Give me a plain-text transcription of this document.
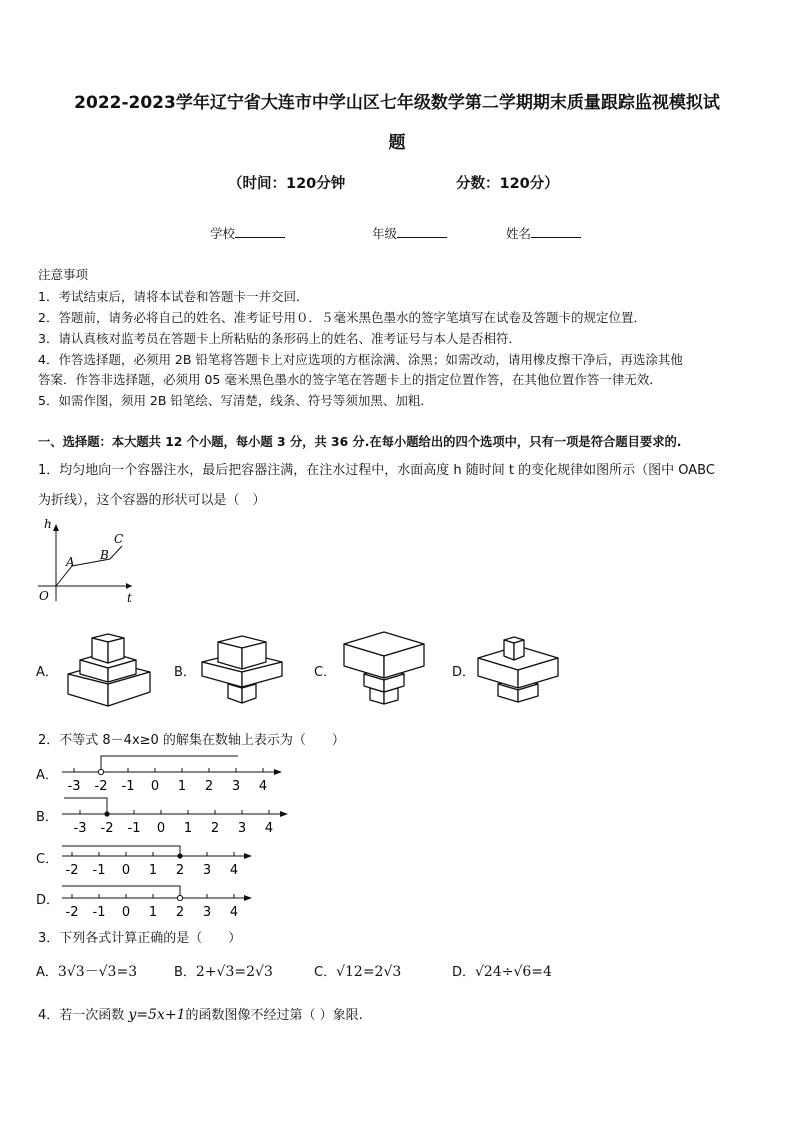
2022-2023学年辽宁省大连市中学山区七年级数学第二学期期末质量跟踪监视模拟试
题
（时间：120分钟	分数：120分）
学校	年级	姓名
注意事项
1．考试结束后，请将本试卷和答题卡一并交回．
2．答题前，请务必将自己的姓名、准考证号用０．５毫米黑色墨水的签字笔填写在试卷及答题卡的规定位置．
3．请认真核对监考员在答题卡上所粘贴的条形码上的姓名、准考证号与本人是否相符．
4．作答选择题，必须用 2B 铅笔将答题卡上对应选项的方框涂满、涂黑；如需改动，请用橡皮擦干净后，再选涂其他
答案．作答非选择题，必须用 05 毫米黑色墨水的签字笔在答题卡上的指定位置作答，在其他位置作答一律无效．
5．如需作图，须用 2B 铅笔绘、写清楚，线条、符号等须加黑、加粗．
一、选择题：本大题共 12 个小题，每小题 3 分，共 36 分.在每小题给出的四个选项中，只有一项是符合题目要求的.
1．均匀地向一个容器注水，最后把容器注满，在注水过程中，水面高度 h 随时间 t 的变化规律如图所示（图中 OABC
为折线），这个容器的形状可以是（　）
h
t
O
A B
C
A．	B．	C．	D．
2．不等式 8－4x≥0 的解集在数轴上表示为（　　）
A．
-3 -2 -1 0 1 2 3 4
B．
-3 -2 -1 0 1 2 3 4
C．
-2 -1 0 1 2 3 4
D．
-2 -1 0 1 2 3 4
3．下列各式计算正确的是（　　）
A．3√3－√3=3	B．2+√3=2√3	C．√12=2√3	D．√24÷√6=4
4．若一次函数 y=5x+1的函数图像不经过第（ ）象限.
